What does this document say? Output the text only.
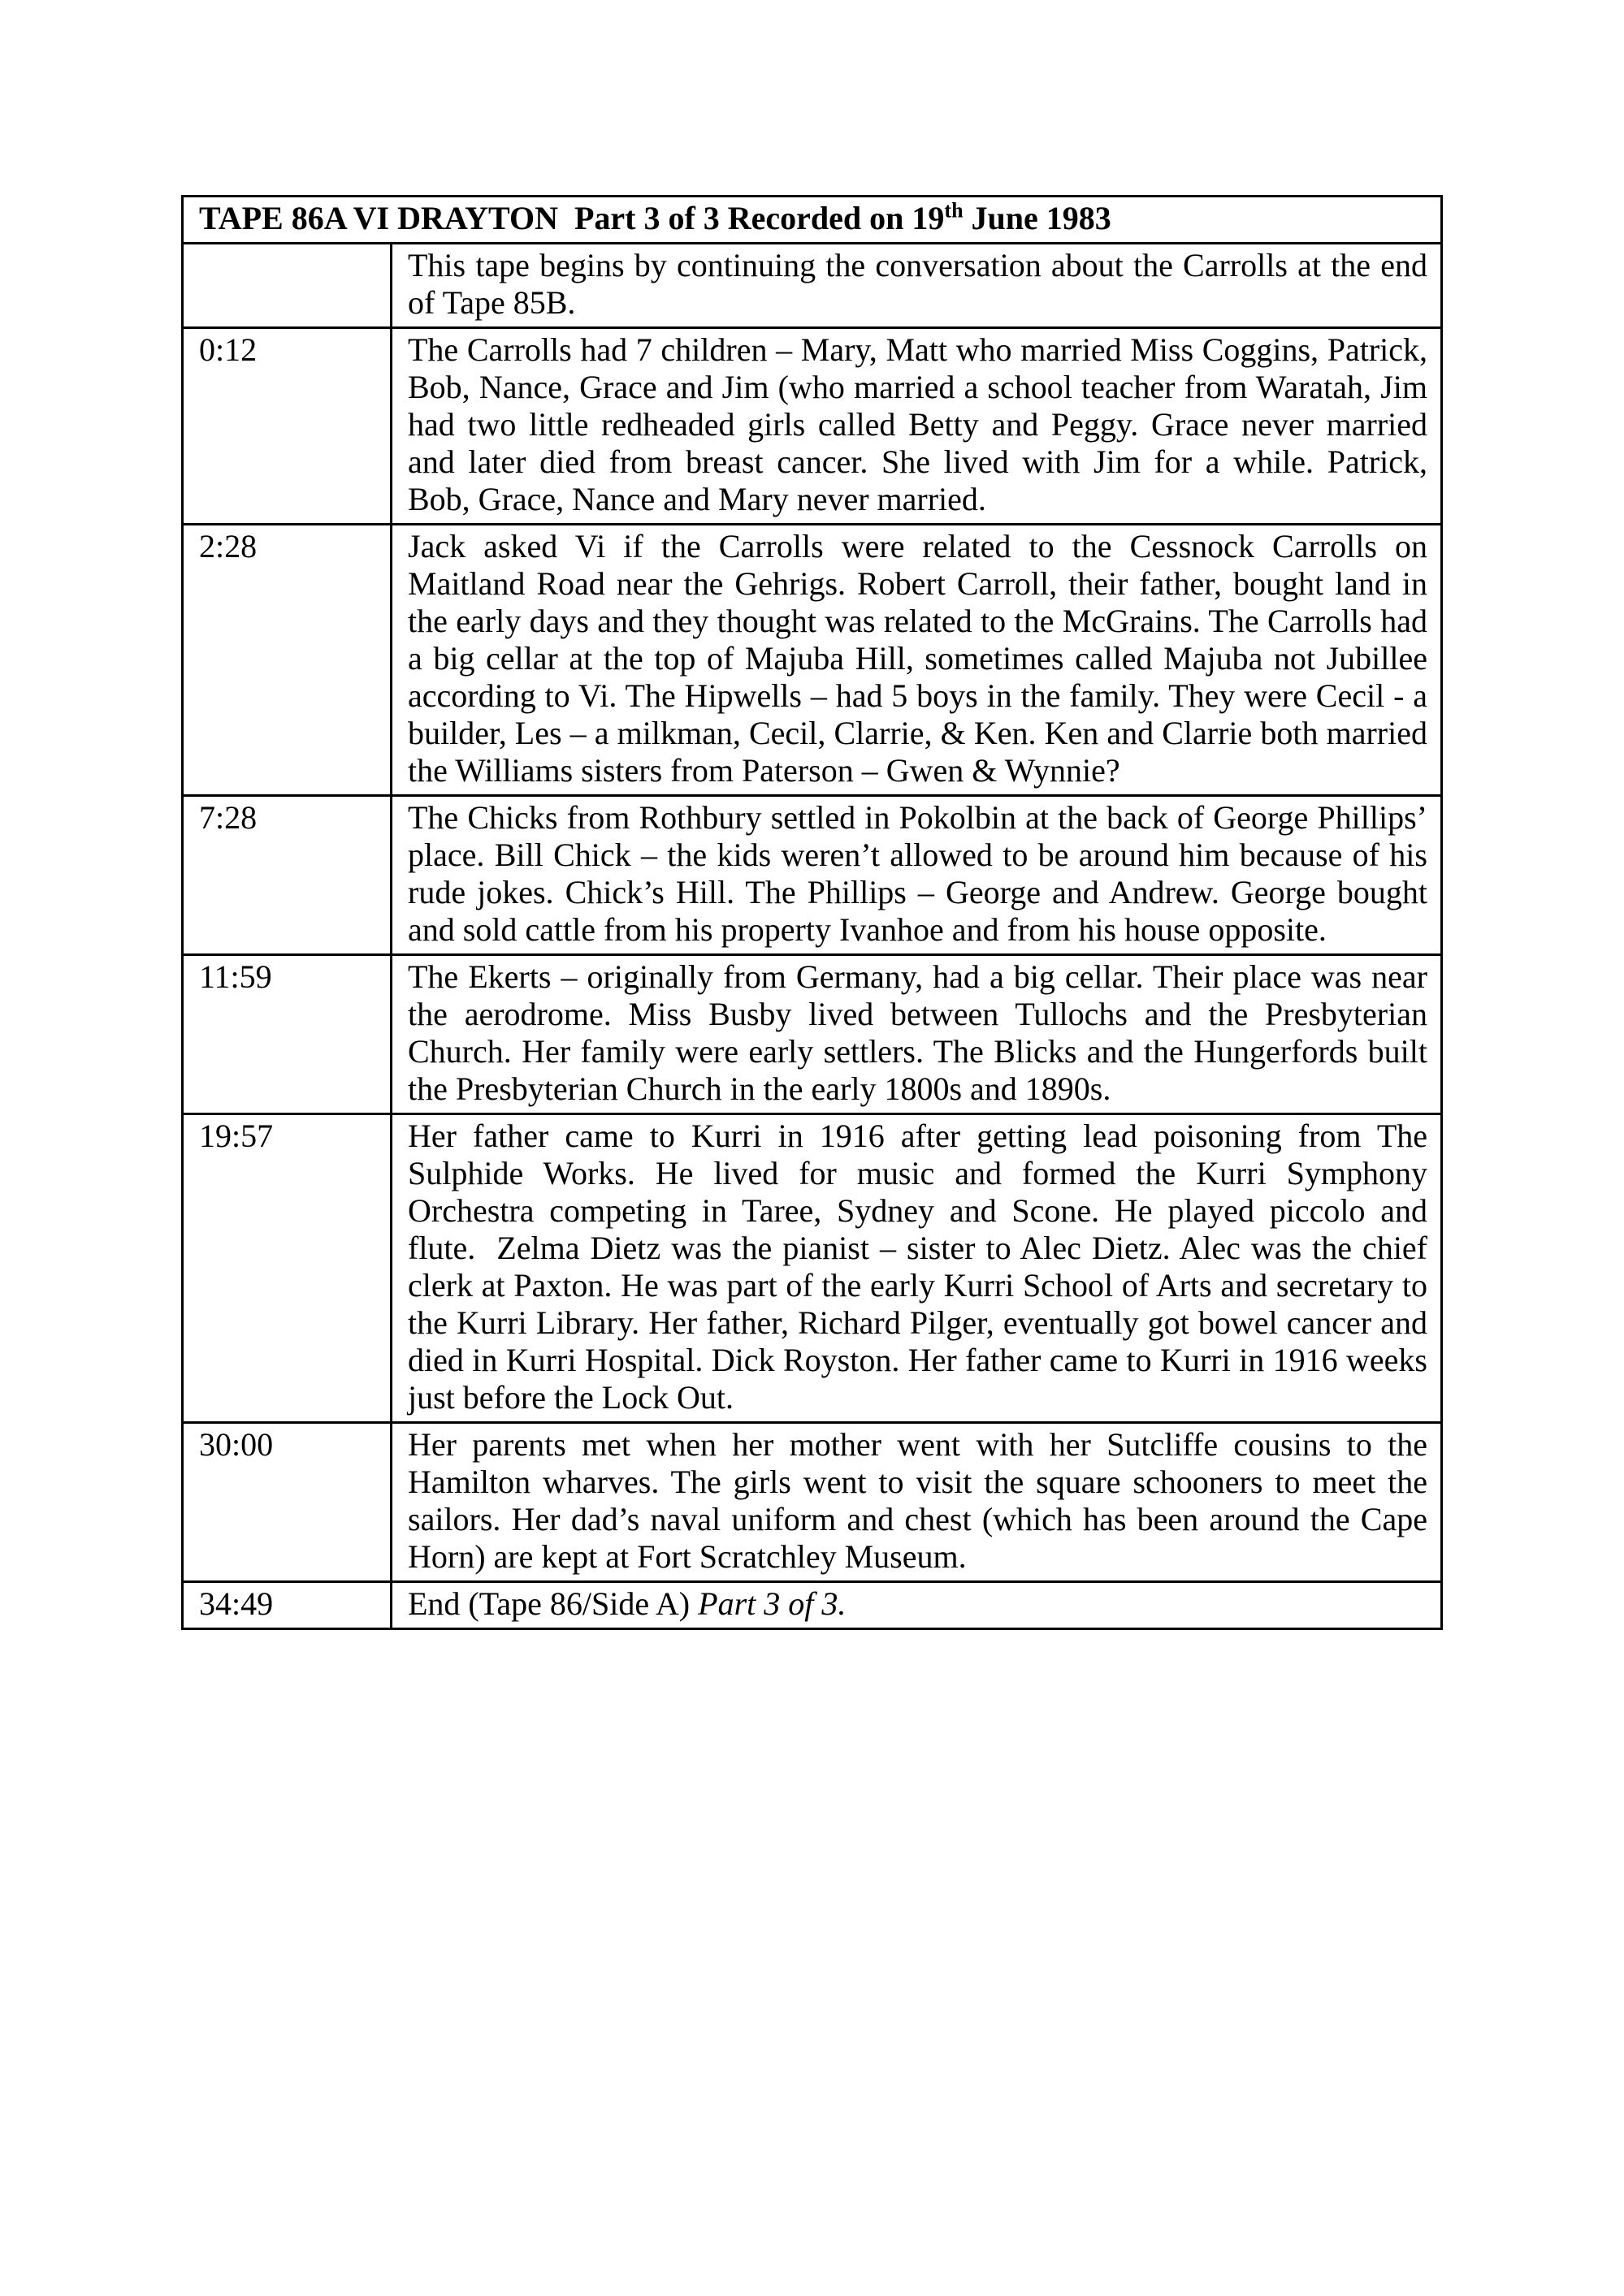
TAPE 86A VI DRAYTON  Part 3 of 3 Recorded on 19th June 1983	
	This tape begins by continuing the conversation about the Carrolls at the end of Tape 85B.
0:12	The Carrolls had 7 children – Mary, Matt who married Miss Coggins, Patrick, Bob, Nance, Grace and Jim (who married a school teacher from Waratah, Jim had two little redheaded girls called Betty and Peggy. Grace never married and later died from breast cancer. She lived with Jim for a while. Patrick, Bob, Grace, Nance and Mary never married.
2:28	Jack asked Vi if the Carrolls were related to the Cessnock Carrolls on Maitland Road near the Gehrigs. Robert Carroll, their father, bought land in the early days and they thought was related to the McGrains. The Carrolls had a big cellar at the top of Majuba Hill, sometimes called Majuba not Jubillee according to Vi. The Hipwells – had 5 boys in the family. They were Cecil - a builder, Les – a milkman, Cecil, Clarrie, & Ken. Ken and Clarrie both married the Williams sisters from Paterson – Gwen & Wynnie?
7:28	The Chicks from Rothbury settled in Pokolbin at the back of George Phillips’ place. Bill Chick – the kids weren’t allowed to be around him because of his rude jokes. Chick’s Hill. The Phillips – George and Andrew. George bought and sold cattle from his property Ivanhoe and from his house opposite.
11:59	The Ekerts – originally from Germany, had a big cellar. Their place was near the aerodrome. Miss Busby lived between Tullochs and the Presbyterian Church. Her family were early settlers. The Blicks and the Hungerfords built the Presbyterian Church in the early 1800s and 1890s.
19:57	Her father came to Kurri in 1916 after getting lead poisoning from The Sulphide Works. He lived for music and formed the Kurri Symphony Orchestra competing in Taree, Sydney and Scone. He played piccolo and flute.  Zelma Dietz was the pianist – sister to Alec Dietz. Alec was the chief clerk at Paxton. He was part of the early Kurri School of Arts and secretary to the Kurri Library. Her father, Richard Pilger, eventually got bowel cancer and died in Kurri Hospital. Dick Royston. Her father came to Kurri in 1916 weeks just before the Lock Out.
30:00	Her parents met when her mother went with her Sutcliffe cousins to the Hamilton wharves. The girls went to visit the square schooners to meet the sailors. Her dad’s naval uniform and chest (which has been around the Cape Horn) are kept at Fort Scratchley Museum.
34:49	End (Tape 86/Side A) Part 3 of 3.
